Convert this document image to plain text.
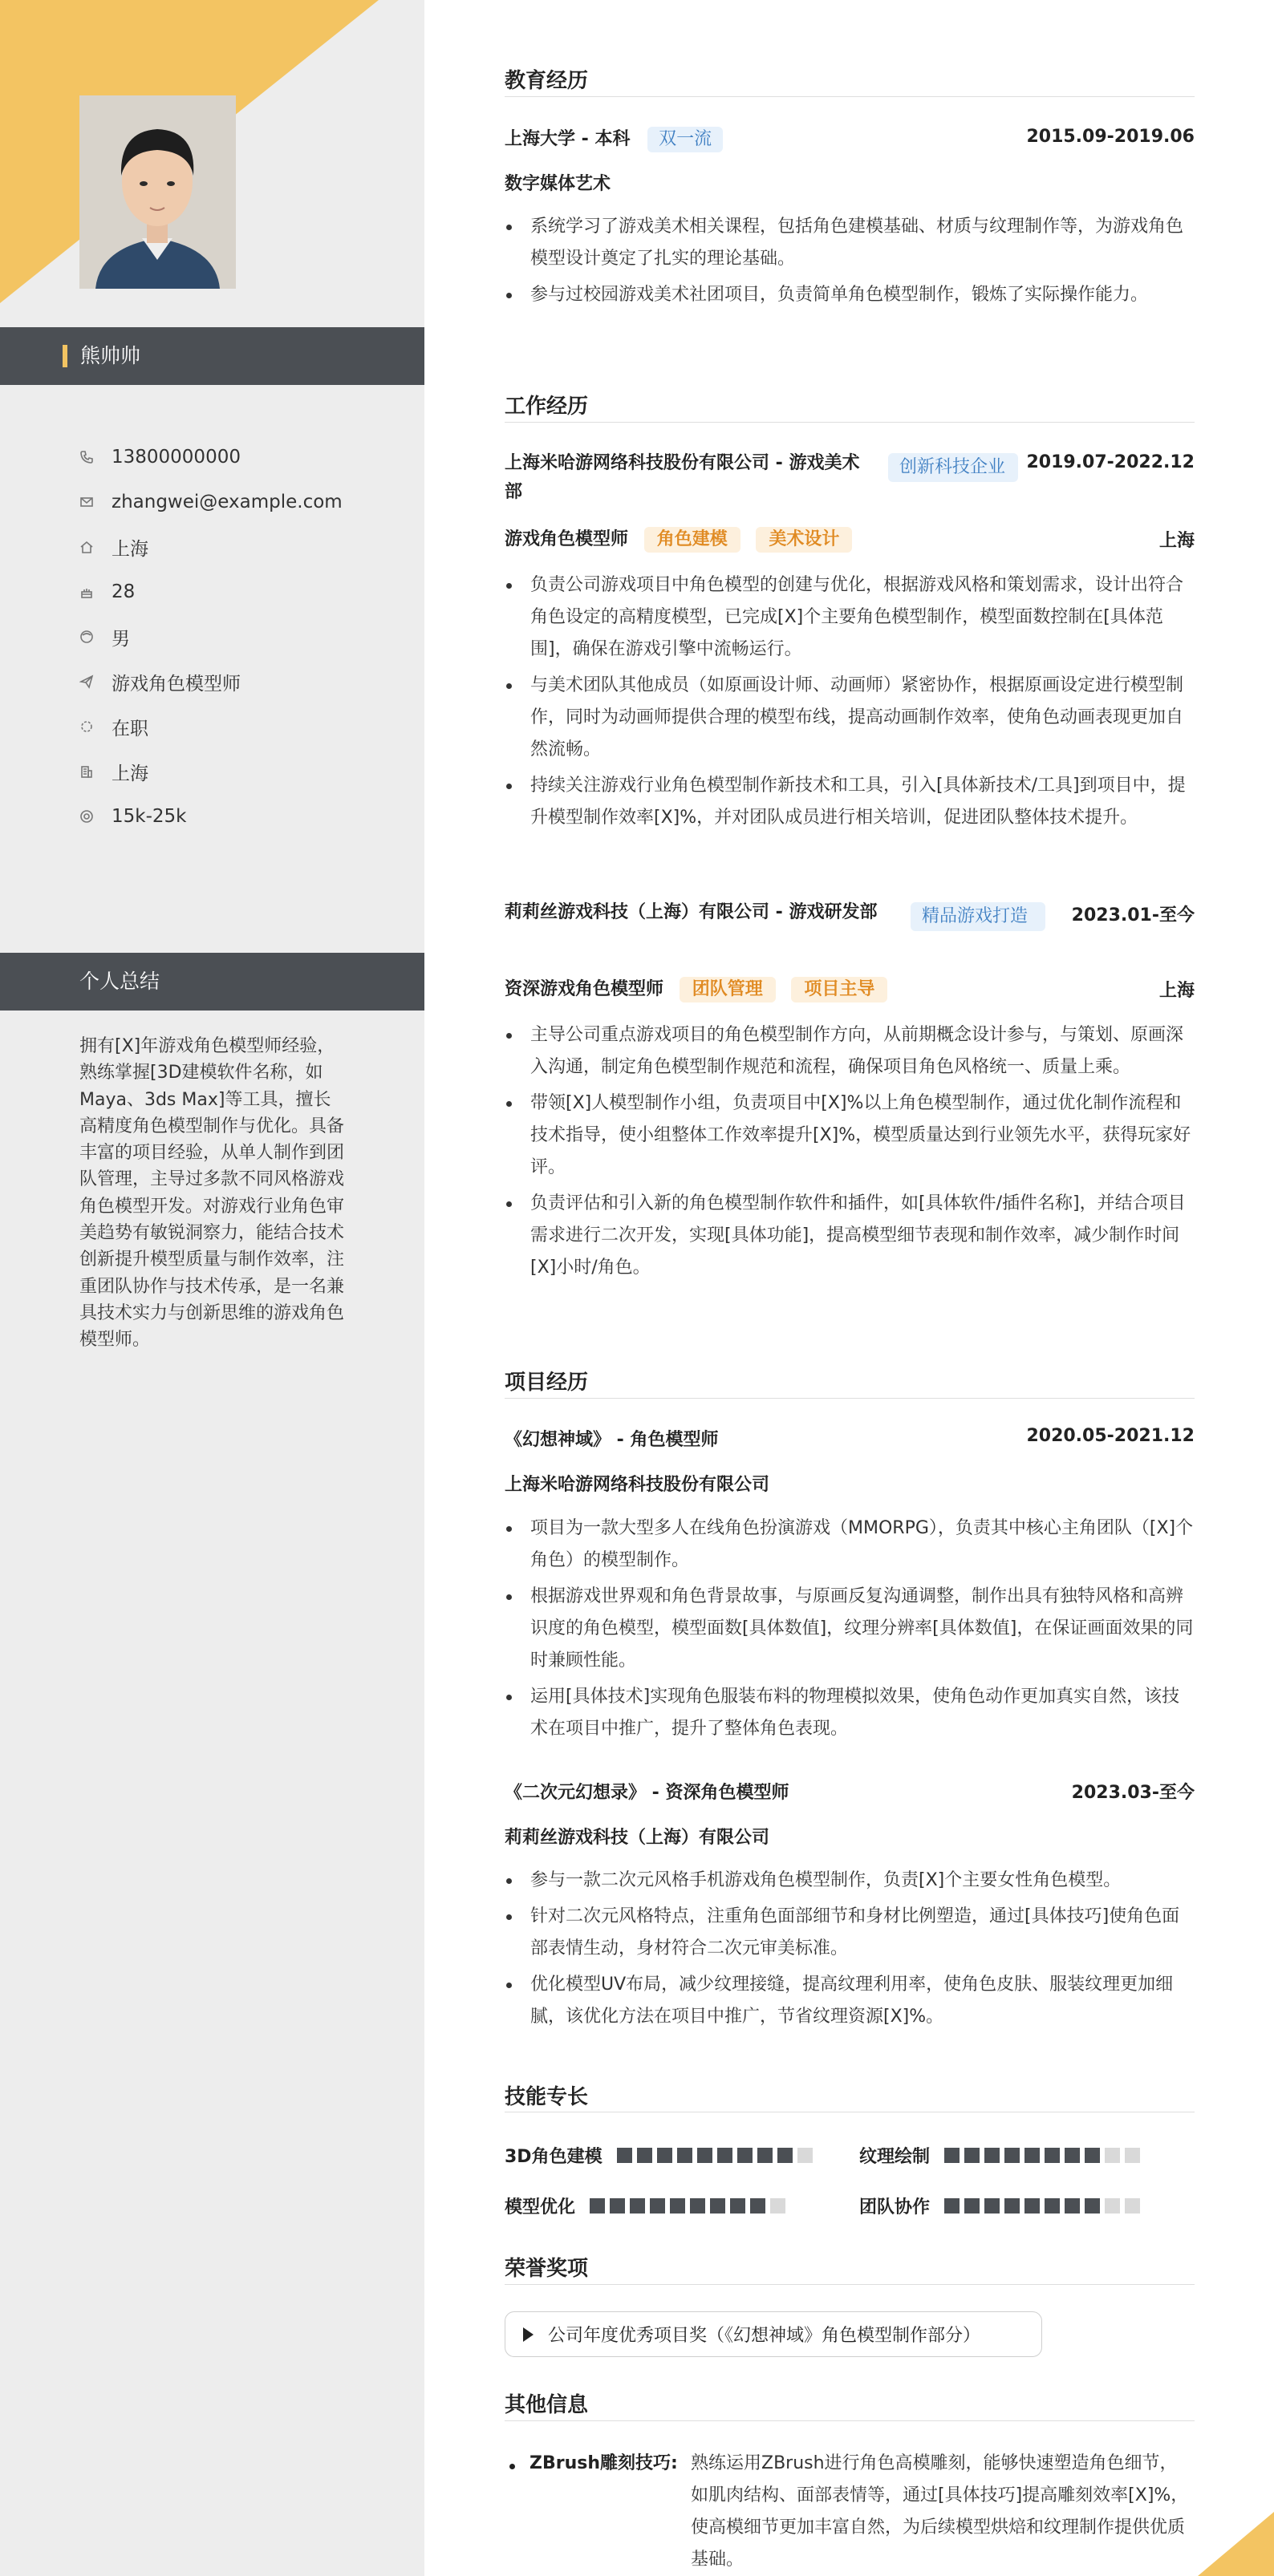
熊帅帅
13800000000
zhangwei@example.com
上海
28
男
游戏角色模型师
在职
上海
15k-25k
个人总结
拥有[X]年游戏角色模型师经验，熟练掌握[3D建模软件名称，如Maya、3ds Max]等工具，擅长高精度角色模型制作与优化。具备丰富的项目经验，从单人制作到团队管理，主导过多款不同风格游戏角色模型开发。对游戏行业角色审美趋势有敏锐洞察力，能结合技术创新提升模型质量与制作效率，注重团队协作与技术传承，是一名兼具技术实力与创新思维的游戏角色模型师。
教育经历
上海大学 - 本科 双一流	2015.09-2019.06
数字媒体艺术
系统学习了游戏美术相关课程，包括角色建模基础、材质与纹理制作等，为游戏角色模型设计奠定了扎实的理论基础。
参与过校园游戏美术社团项目，负责简单角色模型制作，锻炼了实际操作能力。
工作经历
上海米哈游网络科技股份有限公司 - 游戏美术部
创新科技企业	2019.07-2022.12
游戏角色模型师 角色建模 美术设计	上海
负责公司游戏项目中角色模型的创建与优化，根据游戏风格和策划需求，设计出符合角色设定的高精度模型，已完成[X]个主要角色模型制作，模型面数控制在[具体范围]，确保在游戏引擎中流畅运行。
与美术团队其他成员（如原画设计师、动画师）紧密协作，根据原画设定进行模型制作，同时为动画师提供合理的模型布线，提高动画制作效率，使角色动画表现更加自然流畅。
持续关注游戏行业角色模型制作新技术和工具，引入[具体新技术/工具]到项目中，提升模型制作效率[X]%，并对团队成员进行相关培训，促进团队整体技术提升。
莉莉丝游戏科技（上海）有限公司 - 游戏研发部	精品游戏打造	2023.01-至今
资深游戏角色模型师 团队管理 项目主导	上海
主导公司重点游戏项目的角色模型制作方向，从前期概念设计参与，与策划、原画深入沟通，制定角色模型制作规范和流程，确保项目角色风格统一、质量上乘。
带领[X]人模型制作小组，负责项目中[X]%以上角色模型制作，通过优化制作流程和技术指导，使小组整体工作效率提升[X]%，模型质量达到行业领先水平，获得玩家好评。
负责评估和引入新的角色模型制作软件和插件，如[具体软件/插件名称]，并结合项目需求进行二次开发，实现[具体功能]，提高模型细节表现和制作效率，减少制作时间[X]小时/角色。
项目经历
《幻想神域》 - 角色模型师	2020.05-2021.12
上海米哈游网络科技股份有限公司
项目为一款大型多人在线角色扮演游戏（MMORPG），负责其中核心主角团队（[X]个角色）的模型制作。
根据游戏世界观和角色背景故事，与原画反复沟通调整，制作出具有独特风格和高辨识度的角色模型，模型面数[具体数值]，纹理分辨率[具体数值]，在保证画面效果的同时兼顾性能。
运用[具体技术]实现角色服装布料的物理模拟效果，使角色动作更加真实自然，该技术在项目中推广，提升了整体角色表现。
《二次元幻想录》 - 资深角色模型师	2023.03-至今
莉莉丝游戏科技（上海）有限公司
参与一款二次元风格手机游戏角色模型制作，负责[X]个主要女性角色模型。
针对二次元风格特点，注重角色面部细节和身材比例塑造，通过[具体技巧]使角色面部表情生动，身材符合二次元审美标准。
优化模型UV布局，减少纹理接缝，提高纹理利用率，使角色皮肤、服装纹理更加细腻，该优化方法在项目中推广，节省纹理资源[X]%。
技能专长
3D角色建模	纹理绘制
模型优化	团队协作
荣誉奖项
公司年度优秀项目奖（《幻想神域》角色模型制作部分）
其他信息
ZBrush雕刻技巧: 熟练运用ZBrush进行角色高模雕刻，能够快速塑造角色细节，如肌肉结构、面部表情等，通过[具体技巧]提高雕刻效率[X]%，使高模细节更加丰富自然，为后续模型烘焙和纹理制作提供优质基础。
